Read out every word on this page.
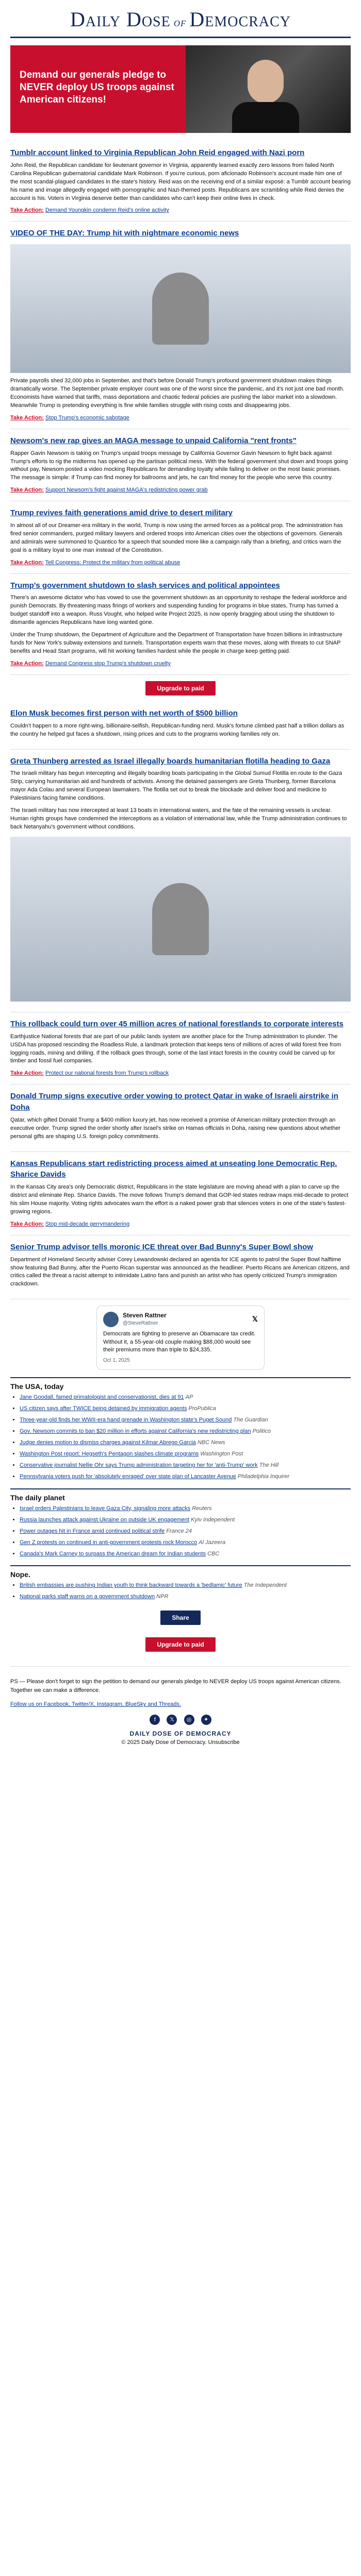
Daily Dose of Democracy
Demand our generals pledge to NEVER deploy US troops against American citizens!
Tumblr account linked to Virginia Republican John Reid engaged with Nazi porn

John Reid, the Republican candidate for lieutenant governor in Virginia, apparently learned exactly zero lessons from failed North Carolina Republican gubernatorial candidate Mark Robinson. If you're curious, porn aficionado Robinson's account made him one of the most scandal-plagued candidates in the state's history. Reid was on the receiving end of a similar exposé: a Tumblr account bearing his name and image allegedly engaged with pornographic and Nazi-themed posts. Republicans are scrambling while Reid denies the account is his. Voters in Virginia deserve better than candidates who can't keep their online lives in check.

Take Action: Demand Youngkin condemn Reid's online activity
VIDEO OF THE DAY: Trump hit with nightmare economic news

Private payrolls shed 32,000 jobs in September, and that's before Donald Trump's profound government shutdown makes things dramatically worse. The September private employer count was one of the worst since the pandemic, and it's not just one bad month. Economists have warned that tariffs, mass deportations and chaotic federal policies are pushing the labor market into a slowdown. Meanwhile Trump is pretending everything is fine while families struggle with rising costs and disappearing jobs.

Take Action: Stop Trump's economic sabotage
Newsom's new rap gives an MAGA message to unpaid California "rent fronts"

Rapper Gavin Newsom is taking on Trump's unpaid troops message by California Governor Gavin Newsom to fight back against Trump's efforts to rig the midterms has opened up the partisan political mess. With the federal government shut down and troops going without pay, Newsom posted a video mocking Republicans for demanding loyalty while failing to deliver on the most basic promises. The message is simple: if Trump can find money for ballrooms and jets, he can find money for the people who serve this country.

Take Action: Support Newsom's fight against MAGA's redistricting power grab
Trump revives faith generations amid drive to desert military

In almost all of our Dreamer-era military in the world, Trump is now using the armed forces as a political prop. The administration has fired senior commanders, purged military lawyers and ordered troops into American cities over the objections of governors. Generals and admirals were summoned to Quantico for a speech that sounded more like a campaign rally than a briefing, and critics warn the goal is a military loyal to one man instead of the Constitution.

Take Action: Tell Congress: Protect the military from political abuse
Trump's government shutdown to slash services and political appointees

There's an awesome dictator who has vowed to use the government shutdown as an opportunity to reshape the federal workforce and punish Democrats. By threatening mass firings of workers and suspending funding for programs in blue states, Trump has turned a budget standoff into a weapon. Russ Vought, who helped write Project 2025, is now openly bragging about using the shutdown to dismantle agencies Republicans have long wanted gone.

Under the Trump shutdown, the Department of Agriculture and the Department of Transportation have frozen billions in infrastructure funds for New York's subway extensions and tunnels. Transportation experts warn that these moves, along with threats to cut SNAP benefits and Head Start programs, will hit working families hardest while the people in charge keep getting paid.

Take Action: Demand Congress stop Trump's shutdown cruelty
Upgrade to paid
Elon Musk becomes first person with net worth of $500 billion

Couldn't happen to a more right-wing, billionaire-selfish, Republican-funding nerd. Musk's fortune climbed past half a trillion dollars as the country he helped gut faces a shutdown, rising prices and cuts to the programs working families rely on.

Greta Thunberg arrested as Israel illegally boards humanitarian flotilla heading to Gaza

The Israeli military has begun intercepting and illegally boarding boats participating in the Global Sumud Flotilla en route to the Gaza Strip, carrying humanitarian aid and hundreds of activists. Among the detained passengers are Greta Thunberg, former Barcelona mayor Ada Colau and several European lawmakers. The flotilla set out to break the blockade and deliver food and medicine to Palestinians facing famine conditions.

The Israeli military has now intercepted at least 13 boats in international waters, and the fate of the remaining vessels is unclear. Human rights groups have condemned the interceptions as a violation of international law, while the Trump administration continues to back Netanyahu's government without conditions.

This rollback could turn over 45 million acres of national forestlands to corporate interests

Earthjustice National forests that are part of our public lands system are another place for the Trump administration to plunder. The USDA has proposed rescinding the Roadless Rule, a landmark protection that keeps tens of millions of acres of wild forest free from logging roads, mining and drilling. If the rollback goes through, some of the last intact forests in the country could be carved up for timber and fossil fuel companies.

Take Action: Protect our national forests from Trump's rollback
Donald Trump signs executive order vowing to protect Qatar in wake of Israeli airstrike in Doha

Qatar, which gifted Donald Trump a $400 million luxury jet, has now received a promise of American military protection through an executive order. Trump signed the order shortly after Israel's strike on Hamas officials in Doha, raising new questions about whether personal gifts are shaping U.S. foreign policy commitments.

Kansas Republicans start redistricting process aimed at unseating lone Democratic Rep. Sharice Davids

In the Kansas City area's only Democratic district, Republicans in the state legislature are moving ahead with a plan to carve up the district and eliminate Rep. Sharice Davids. The move follows Trump's demand that GOP-led states redraw maps mid-decade to protect his slim House majority. Voting rights advocates warn the effort is a naked power grab that silences voters in one of the state's fastest-growing regions.

Take Action: Stop mid-decade gerrymandering
Senior Trump advisor tells moronic ICE threat over Bad Bunny's Super Bowl show

Department of Homeland Security adviser Corey Lewandowski declared an agenda for ICE agents to patrol the Super Bowl halftime show featuring Bad Bunny, after the Puerto Rican superstar was announced as the headliner. Puerto Ricans are American citizens, and critics called the threat a racist attempt to intimidate Latino fans and punish an artist who has openly criticized Trump's immigration crackdown.

Steven Rattner
@SteveRattner
𝕏
Democrats are fighting to preserve an Obamacare tax credit. Without it, a 55-year-old couple making $88,000 would see their premiums more than triple to $24,335.
Oct 1, 2025
The USA, today
• Jane Goodall, famed primatologist and conservationist, dies at 91 AP
• US citizen says after TWICE being detained by immigration agents ProPublica
• Three-year-old finds her WWII-era hand grenade in Washington state's Puget Sound The Guardian
• Gov. Newsom commits to ban $20 million in efforts against California's new redistricting plan Politico
• Judge denies motion to dismiss charges against Kilmar Abrego Garcia NBC News
• Washington Post report: Hegseth's Pentagon slashes climate programs Washington Post
• Conservative journalist Nellie Ohr says Trump administration targeting her for 'anti-Trump' work The Hill
• Pennsylvania voters push for 'absolutely enraged' over state plan of Lancaster Avenue Philadelphia Inquirer
The daily planet
• Israel orders Palestinians to leave Gaza City, signaling more attacks Reuters
• Russia launches attack against Ukraine on outside UK engagement Kyiv Independent
• Power outages hit in France amid continued political strife France 24
• Gen Z protests on continued in anti-government protests rock Morocco Al Jazeera
• Canada's Mark Carney to surpass the American dream for Indian students CBC
Nope.
• British embassies are pushing Indian youth to think backward towards a 'bedlamic' future The Independent
• National parks staff warns on a government shutdown NPR
Share
Upgrade to paid

PS — Please don't forget to sign the petition to demand our generals pledge to NEVER deploy US troops against American citizens. Together we can make a difference.

Follow us on Facebook, Twitter/X, Instagram, BlueSky and Threads.

f 𝕏 ◎ ✦
DAILY DOSE OF DEMOCRACY
© 2025 Daily Dose of Democracy. Unsubscribe
